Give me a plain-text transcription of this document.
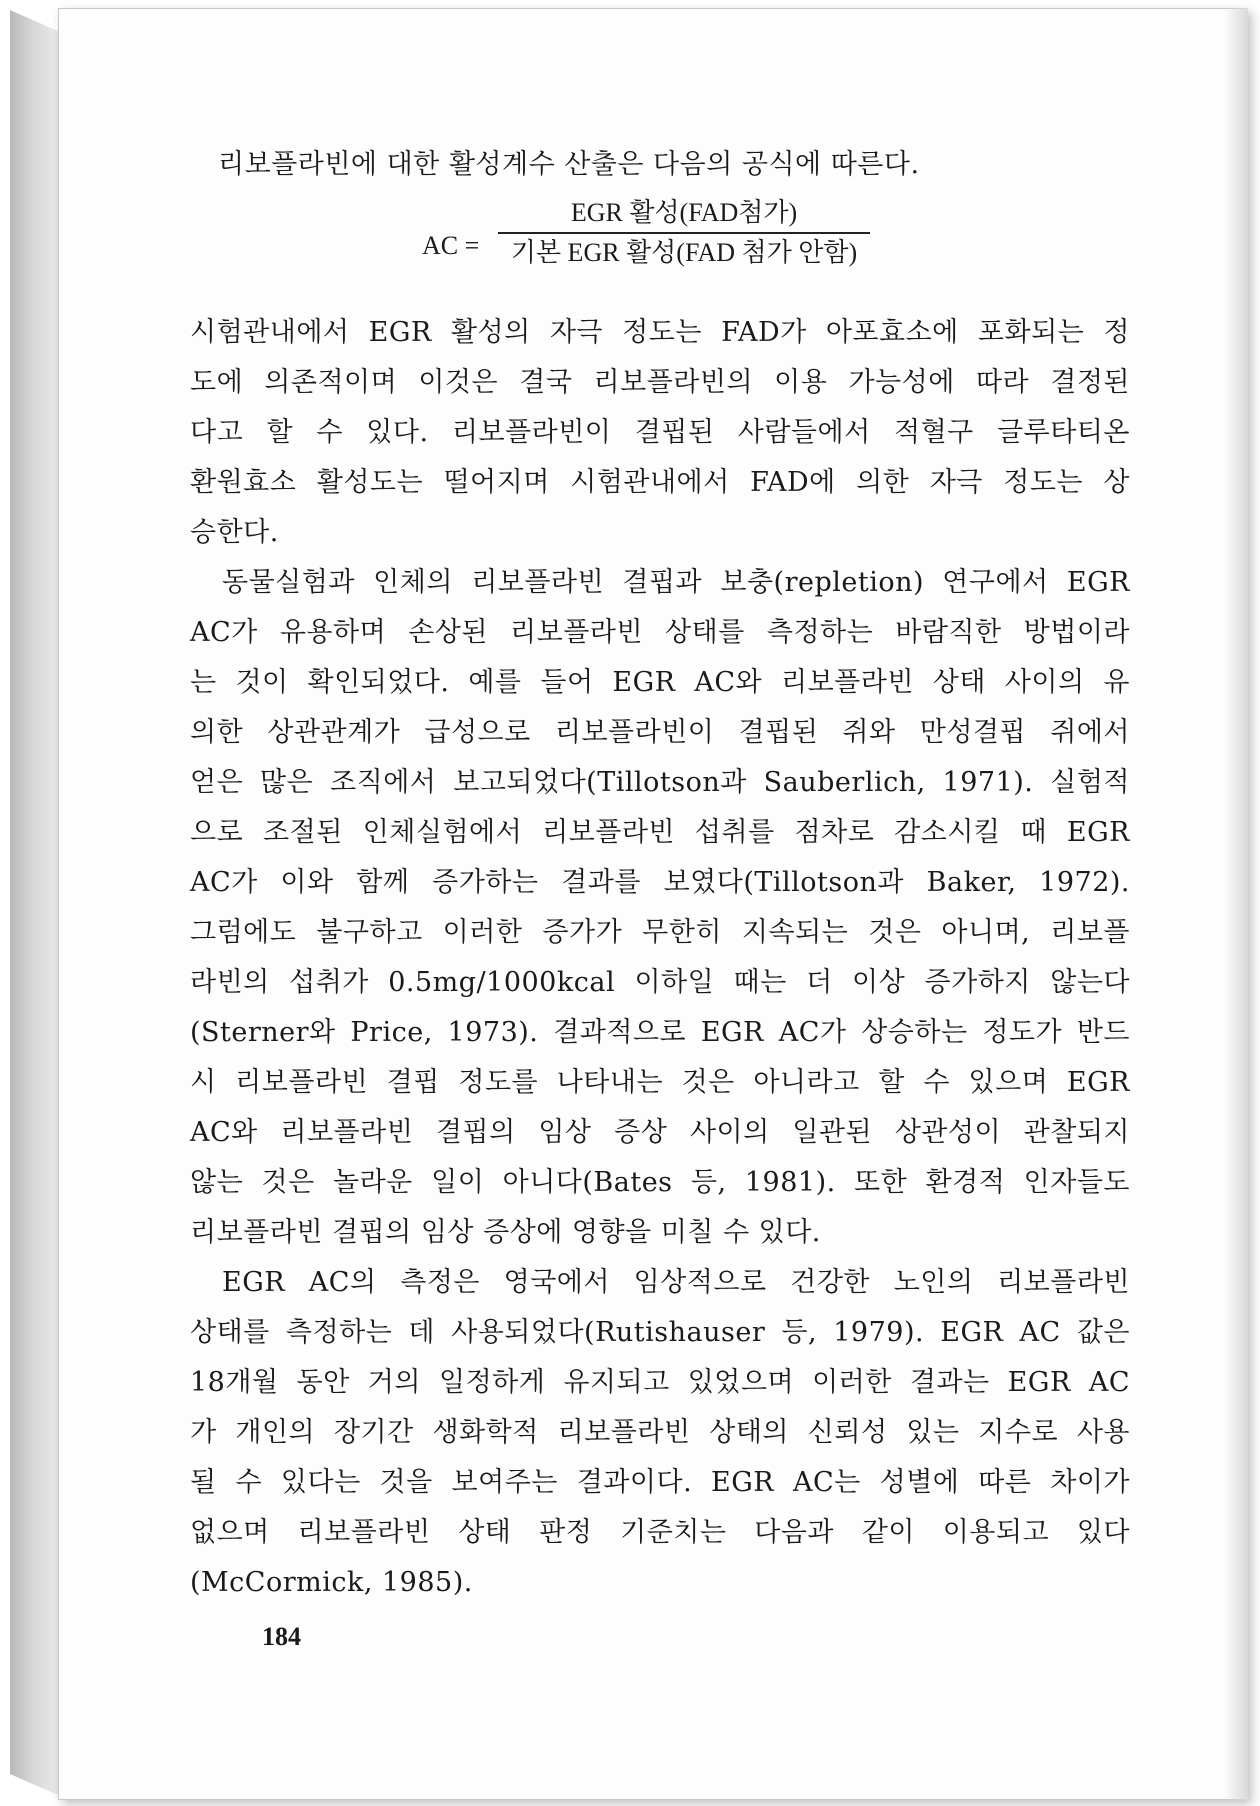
리보플라빈에 대한 활성계수 산출은 다음의 공식에 따른다.
AC =
EGR 활성(FAD첨가)
기본 EGR 활성(FAD 첨가 안함)
시험관내에서 EGR 활성의 자극 정도는 FAD가 아포효소에 포화되는 정
도에 의존적이며 이것은 결국 리보플라빈의 이용 가능성에 따라 결정된
다고 할 수 있다. 리보플라빈이 결핍된 사람들에서 적혈구 글루타티온
환원효소 활성도는 떨어지며 시험관내에서 FAD에 의한 자극 정도는 상
승한다.
동물실험과 인체의 리보플라빈 결핍과 보충(repletion) 연구에서 EGR
AC가 유용하며 손상된 리보플라빈 상태를 측정하는 바람직한 방법이라
는 것이 확인되었다. 예를 들어 EGR AC와 리보플라빈 상태 사이의 유
의한 상관관계가 급성으로 리보플라빈이 결핍된 쥐와 만성결핍 쥐에서
얻은 많은 조직에서 보고되었다(Tillotson과 Sauberlich, 1971). 실험적
으로 조절된 인체실험에서 리보플라빈 섭취를 점차로 감소시킬 때 EGR
AC가 이와 함께 증가하는 결과를 보였다(Tillotson과 Baker, 1972).
그럼에도 불구하고 이러한 증가가 무한히 지속되는 것은 아니며, 리보플
라빈의 섭취가 0.5mg/1000kcal 이하일 때는 더 이상 증가하지 않는다
(Sterner와 Price, 1973). 결과적으로 EGR AC가 상승하는 정도가 반드
시 리보플라빈 결핍 정도를 나타내는 것은 아니라고 할 수 있으며 EGR
AC와 리보플라빈 결핍의 임상 증상 사이의 일관된 상관성이 관찰되지
않는 것은 놀라운 일이 아니다(Bates 등, 1981). 또한 환경적 인자들도
리보플라빈 결핍의 임상 증상에 영향을 미칠 수 있다.
EGR AC의 측정은 영국에서 임상적으로 건강한 노인의 리보플라빈
상태를 측정하는 데 사용되었다(Rutishauser 등, 1979). EGR AC 값은
18개월 동안 거의 일정하게 유지되고 있었으며 이러한 결과는 EGR AC
가 개인의 장기간 생화학적 리보플라빈 상태의 신뢰성 있는 지수로 사용
될 수 있다는 것을 보여주는 결과이다. EGR AC는 성별에 따른 차이가
없으며 리보플라빈 상태 판정 기준치는 다음과 같이 이용되고 있다
(McCormick, 1985).
184
